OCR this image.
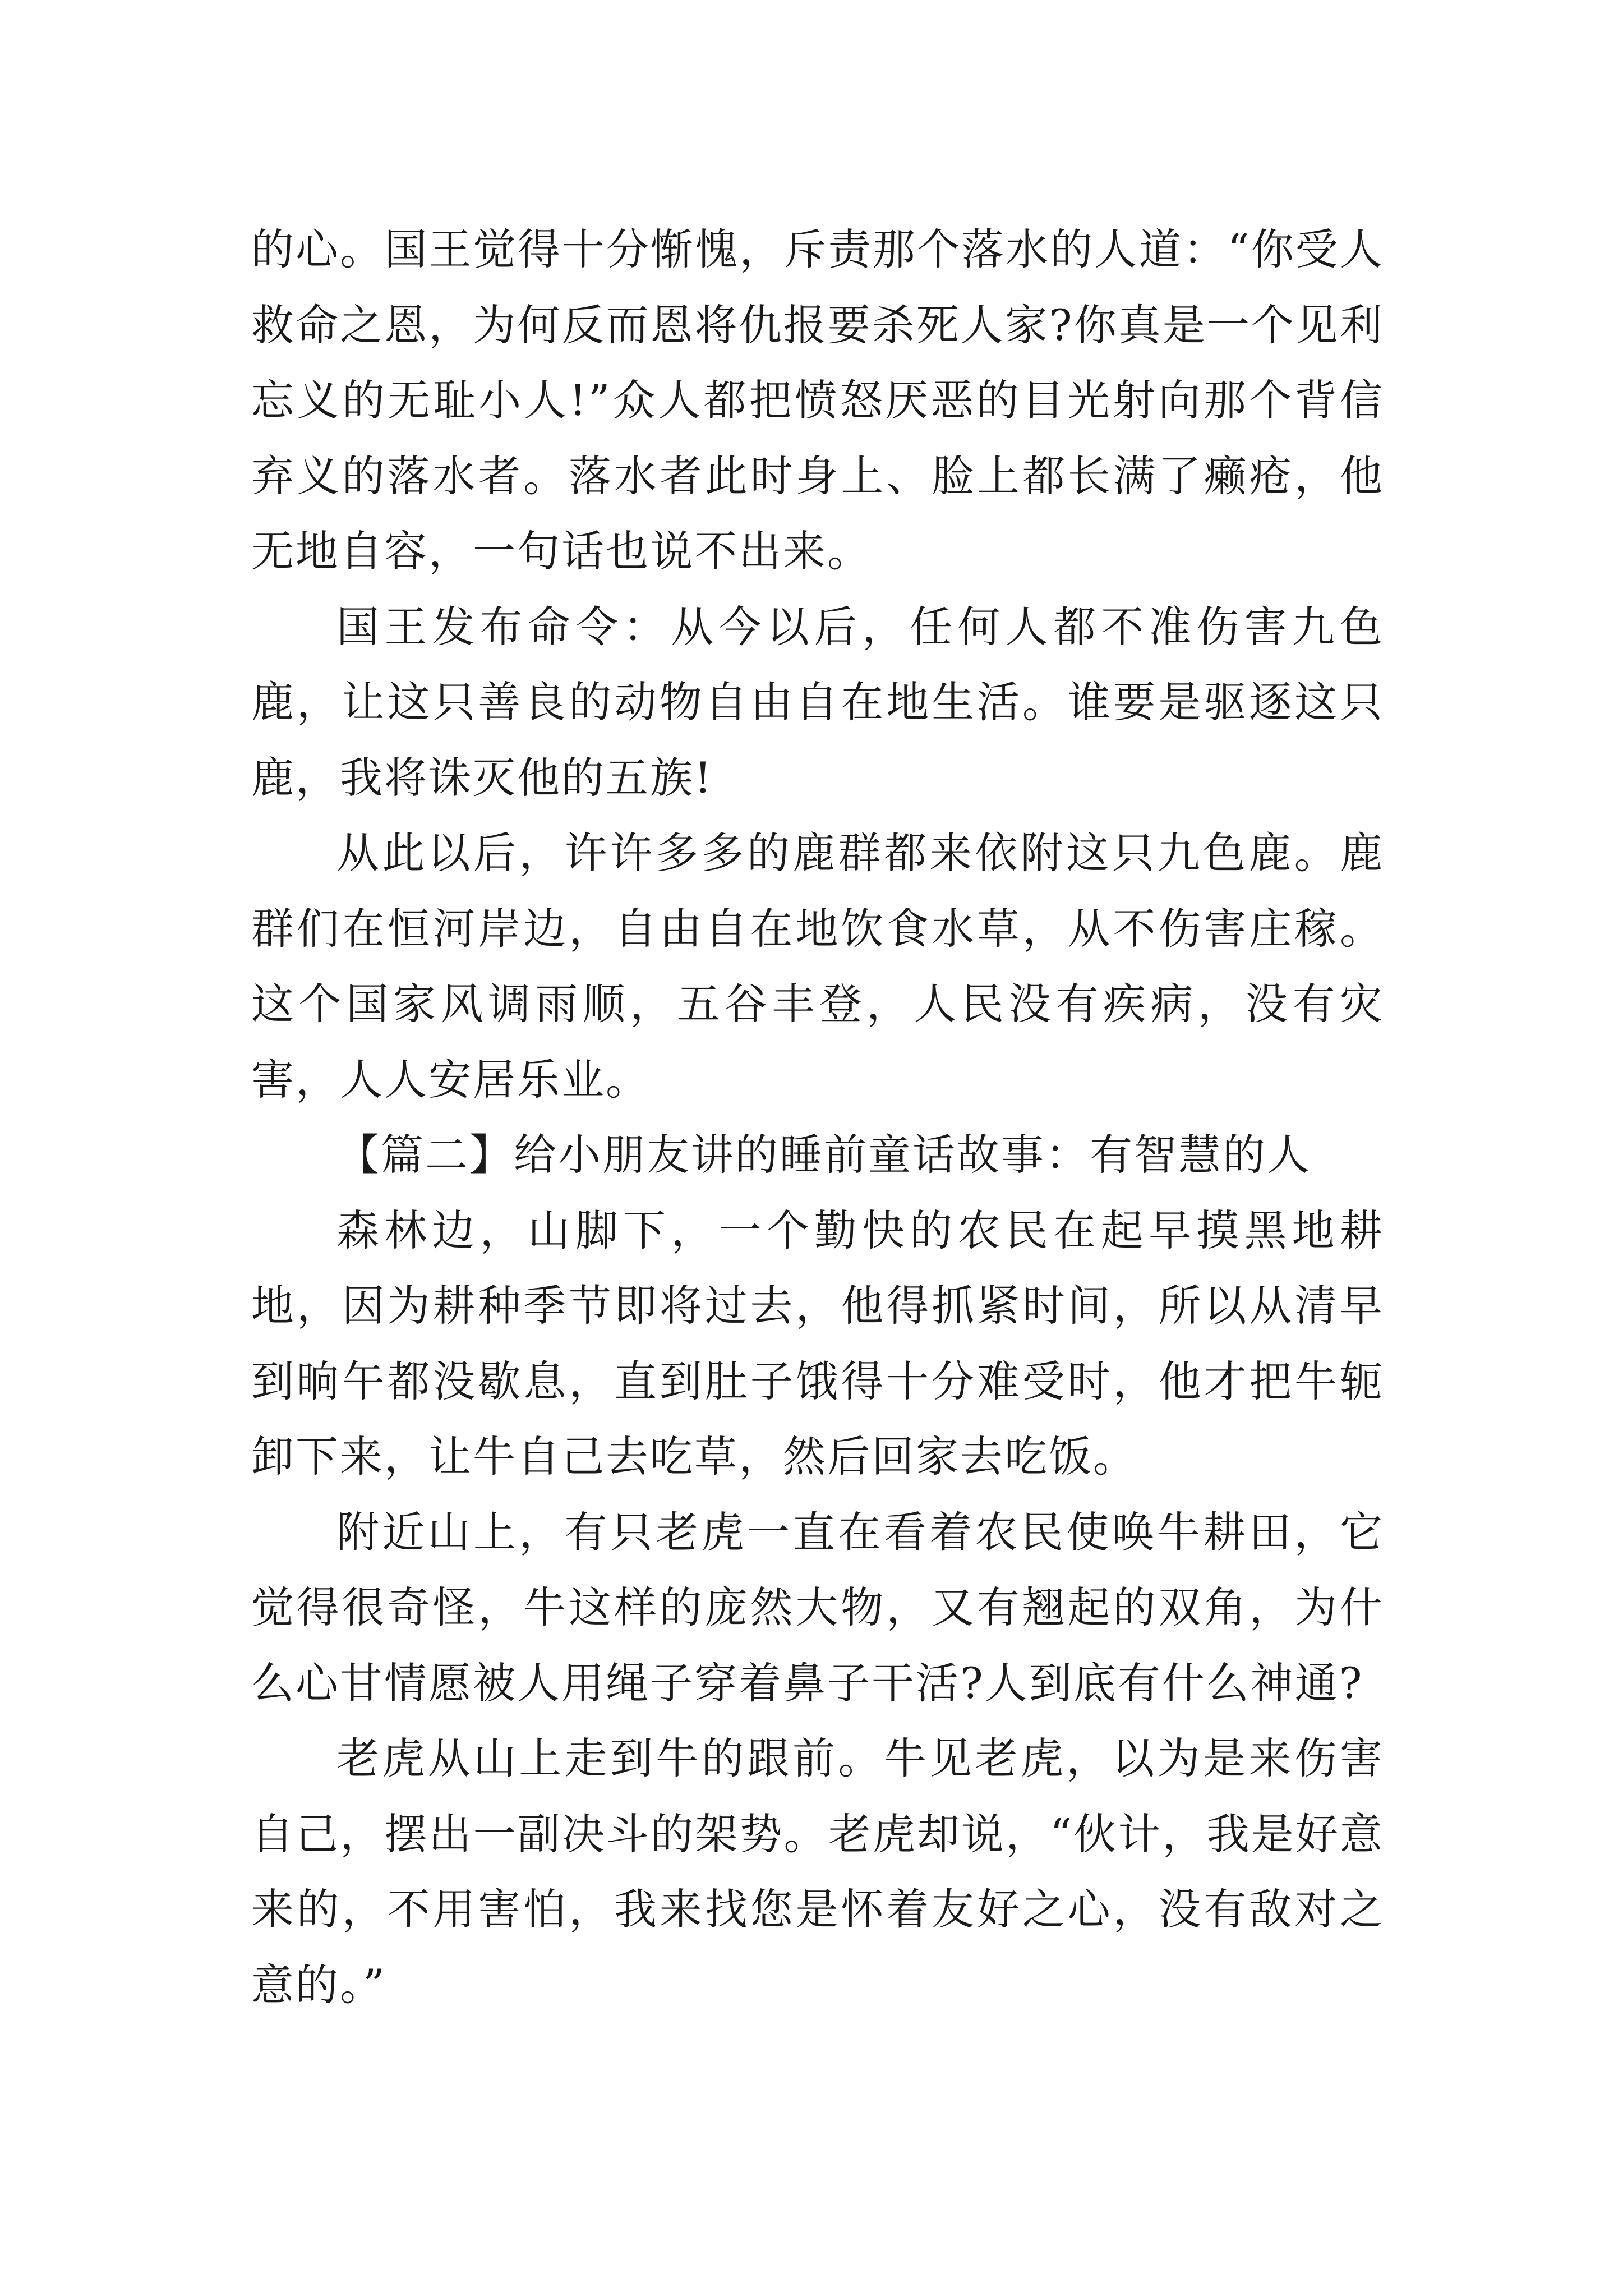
的心。国王觉得十分惭愧，斥责那个落水的人道：“你受人救命之恩，为何反而恩将仇报要杀死人家?你真是一个见利忘义的无耻小人!”众人都把愤怒厌恶的目光射向那个背信弃义的落水者。落水者此时身上、脸上都长满了癞疮，他无地自容，一句话也说不出来。

国王发布命令：从今以后，任何人都不准伤害九色鹿，让这只善良的动物自由自在地生活。谁要是驱逐这只鹿，我将诛灭他的五族!

从此以后，许许多多的鹿群都来依附这只九色鹿。鹿群们在恒河岸边，自由自在地饮食水草，从不伤害庄稼。这个国家风调雨顺，五谷丰登，人民没有疾病，没有灾害，人人安居乐业。

【篇二】给小朋友讲的睡前童话故事：有智慧的人

森林边，山脚下，一个勤快的农民在起早摸黑地耕地，因为耕种季节即将过去，他得抓紧时间，所以从清早到晌午都没歇息，直到肚子饿得十分难受时，他才把牛轭卸下来，让牛自己去吃草，然后回家去吃饭。

附近山上，有只老虎一直在看着农民使唤牛耕田，它觉得很奇怪，牛这样的庞然大物，又有翘起的双角，为什么心甘情愿被人用绳子穿着鼻子干活?人到底有什么神通?

老虎从山上走到牛的跟前。牛见老虎，以为是来伤害自己，摆出一副决斗的架势。老虎却说，“伙计，我是好意来的，不用害怕，我来找您是怀着友好之心，没有敌对之意的。”
